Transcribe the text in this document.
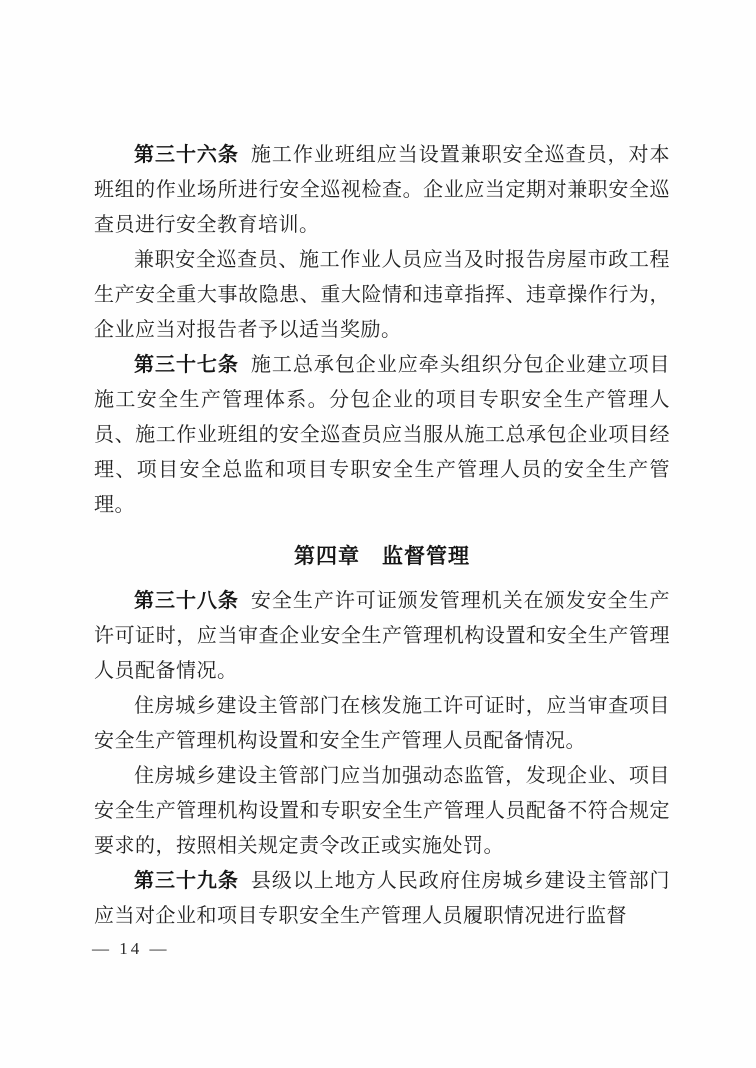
第三十六条 施工作业班组应当设置兼职安全巡查员，对本班组的作业场所进行安全巡视检查。企业应当定期对兼职安全巡查员进行安全教育培训。

兼职安全巡查员、施工作业人员应当及时报告房屋市政工程生产安全重大事故隐患、重大险情和违章指挥、违章操作行为，企业应当对报告者予以适当奖励。

第三十七条 施工总承包企业应牵头组织分包企业建立项目施工安全生产管理体系。分包企业的项目专职安全生产管理人员、施工作业班组的安全巡查员应当服从施工总承包企业项目经理、项目安全总监和项目专职安全生产管理人员的安全生产管理。

第四章　监督管理

第三十八条 安全生产许可证颁发管理机关在颁发安全生产许可证时，应当审查企业安全生产管理机构设置和安全生产管理人员配备情况。

住房城乡建设主管部门在核发施工许可证时，应当审查项目安全生产管理机构设置和安全生产管理人员配备情况。

住房城乡建设主管部门应当加强动态监管，发现企业、项目安全生产管理机构设置和专职安全生产管理人员配备不符合规定要求的，按照相关规定责令改正或实施处罚。

第三十九条 县级以上地方人民政府住房城乡建设主管部门应当对企业和项目专职安全生产管理人员履职情况进行监督

— 14 —
